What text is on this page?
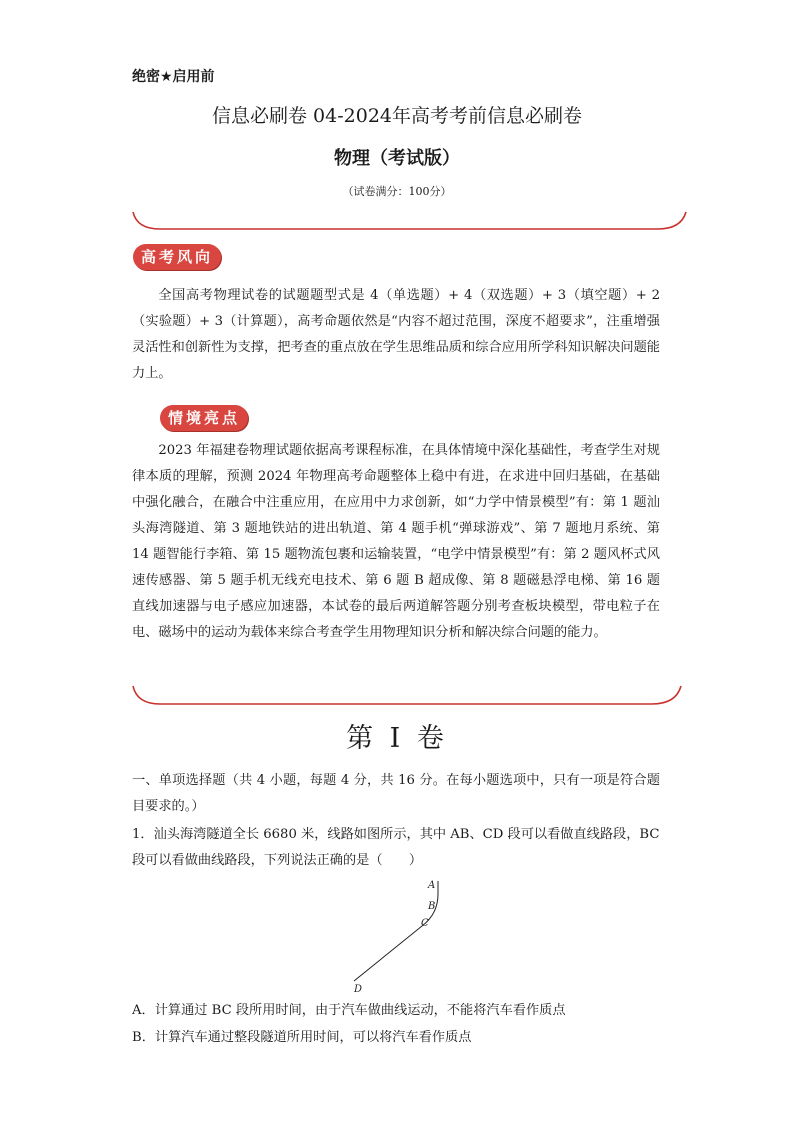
绝密★启用前
信息必刷卷 04-2024年高考考前信息必刷卷
物理（考试版）
（试卷满分：100分）
高考风向
全国高考物理试卷的试题题型式是 4（单选题）+ 4（双选题）+ 3（填空题）+ 2（实验题）+ 3（计算题），高考命题依然是“内容不超过范围，深度不超要求”，注重增强灵活性和创新性为支撑，把考查的重点放在学生思维品质和综合应用所学科知识解决问题能力上。
情境亮点
2023 年福建卷物理试题依据高考课程标准，在具体情境中深化基础性，考查学生对规律本质的理解，预测 2024 年物理高考命题整体上稳中有进，在求进中回归基础，在基础中强化融合，在融合中注重应用，在应用中力求创新，如“力学中情景模型”有：第 1 题汕头海湾隧道、第 3 题地铁站的进出轨道、第 4 题手机“弹球游戏”、第 7 题地月系统、第 14 题智能行李箱、第 15 题物流包裹和运输装置，“电学中情景模型”有：第 2 题风杯式风速传感器、第 5 题手机无线充电技术、第 6 题 B 超成像、第 8 题磁悬浮电梯、第 16 题直线加速器与电子感应加速器，本试卷的最后两道解答题分别考查板块模型，带电粒子在电、磁场中的运动为载体来综合考查学生用物理知识分析和解决综合问题的能力。
第 I 卷
一、单项选择题（共 4 小题，每题 4 分，共 16 分。在每小题选项中，只有一项是符合题目要求的。）
1．汕头海湾隧道全长 6680 米，线路如图所示，其中 AB、CD 段可以看做直线路段，BC
段可以看做曲线路段，下列说法正确的是（　　）
A
B
C
D
A．计算通过 BC 段所用时间，由于汽车做曲线运动，不能将汽车看作质点
B．计算汽车通过整段隧道所用时间，可以将汽车看作质点
